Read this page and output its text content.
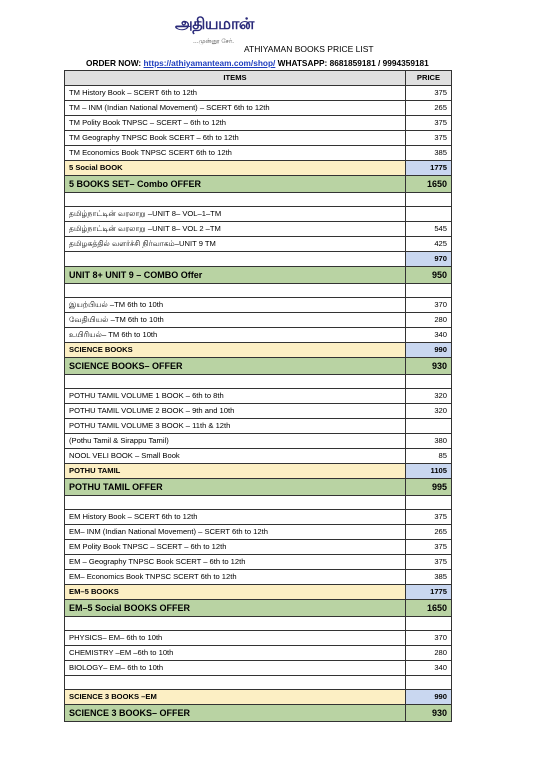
அதியமான்
...முன்னூ சேர்.
ATHIYAMAN BOOKS PRICE LIST
ORDER NOW: https://athiyamanteam.com/shop/ WHATSAPP: 8681859181 / 9994359181
ITEMS	PRICE
TM History Book – SCERT 6th to 12th	375
TM – INM (Indian National Movement) – SCERT 6th to 12th	265
TM Polity Book TNPSC – SCERT – 6th to 12th	375
TM Geography TNPSC Book SCERT – 6th to 12th	375
TM Economics Book TNPSC SCERT 6th to 12th	385
5 Social BOOK	1775
5 BOOKS SET– Combo OFFER	1650

தமிழ்நாட்டின் வரலாறு –UNIT 8– VOL–1–TM	
தமிழ்நாட்டின் வரலாறு –UNIT 8– VOL 2 –TM	545
தமிழகத்தில் வளர்ச்சி நிர்வாகம்–UNIT 9 TM	425
	970
UNIT 8+ UNIT 9 – COMBO Offer	950

இயற்பியல் –TM 6th to 10th	370
வேதியியல் –TM 6th to 10th	280
உயிரியல்– TM 6th to 10th	340
SCIENCE BOOKS	990
SCIENCE BOOKS– OFFER	930

POTHU TAMIL VOLUME 1 BOOK – 6th to 8th	320
POTHU TAMIL VOLUME 2 BOOK – 9th and 10th	320
POTHU TAMIL VOLUME 3 BOOK – 11th & 12th	
(Pothu Tamil & Sirappu Tamil)	380
NOOL VELI BOOK – Small Book	85
POTHU TAMIL	1105
POTHU TAMIL OFFER	995

EM History Book – SCERT 6th to 12th	375
EM– INM (Indian National Movement) – SCERT 6th to 12th	265
EM Polity Book TNPSC – SCERT – 6th to 12th	375
EM – Geography TNPSC Book SCERT – 6th to 12th	375
EM– Economics Book TNPSC SCERT 6th to 12th	385
EM–5 BOOKS	1775
EM–5 Social BOOKS OFFER	1650

PHYSICS– EM– 6th to 10th	370
CHEMISTRY –EM –6th to 10th	280
BIOLOGY– EM– 6th to 10th	340

SCIENCE 3 BOOKS –EM	990
SCIENCE 3 BOOKS– OFFER	930
